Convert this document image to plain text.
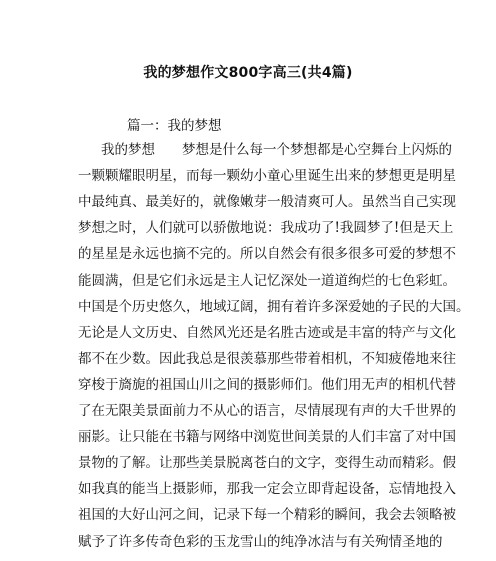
我的梦想作文800字高三(共4篇)
篇一：我的梦想
我的梦想　　梦想是什么每一个梦想都是心空舞台上闪烁的
一颗颗耀眼明星，而每一颗幼小童心里诞生出来的梦想更是明星
中最纯真、最美好的，就像嫩芽一般清爽可人。虽然当自己实现
梦想之时，人们就可以骄傲地说：我成功了!我圆梦了!但是天上
的星星是永远也摘不完的。所以自然会有很多很多可爱的梦想不
能圆满，但是它们永远是主人记忆深处一道道绚烂的七色彩虹。
中国是个历史悠久，地域辽阔，拥有着许多深爱她的子民的大国。
无论是人文历史、自然风光还是名胜古迹或是丰富的特产与文化
都不在少数。因此我总是很羡慕那些带着相机，不知疲倦地来往
穿梭于旖旎的祖国山川之间的摄影师们。他们用无声的相机代替
了在无限美景面前力不从心的语言，尽情展现有声的大千世界的
丽影。让只能在书籍与网络中浏览世间美景的人们丰富了对中国
景物的了解。让那些美景脱离苍白的文字，变得生动而精彩。假
如我真的能当上摄影师，那我一定会立即背起设备，忘情地投入
祖国的大好山河之间，记录下每一个精彩的瞬间，我会去领略被
赋予了许多传奇色彩的玉龙雪山的纯净冰洁与有关殉情圣地的
